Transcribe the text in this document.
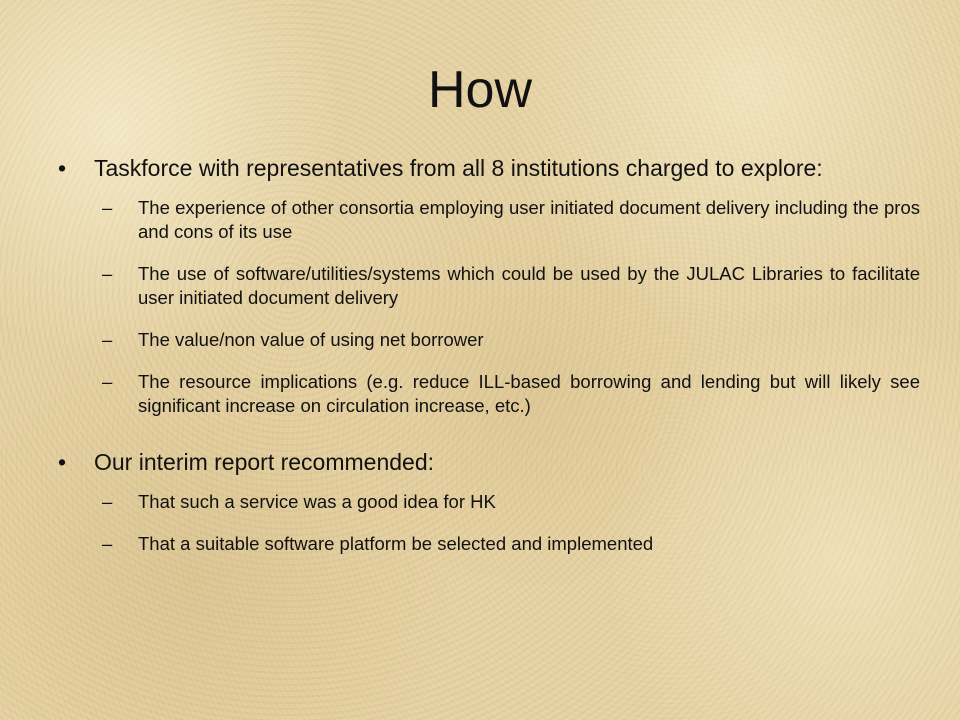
How
• Taskforce with representatives from all 8 institutions charged to explore:
– The experience of other consortia employing user initiated document delivery including the pros and cons of its use
– The use of software/utilities/systems which could be used by the JULAC Libraries to facilitate user initiated document delivery
– The value/non value of using net borrower
– The resource implications (e.g. reduce ILL-based borrowing and lending but will likely see significant increase on circulation increase, etc.)
• Our interim report recommended:
– That such a service was a good idea for HK
– That a suitable software platform be selected and implemented
